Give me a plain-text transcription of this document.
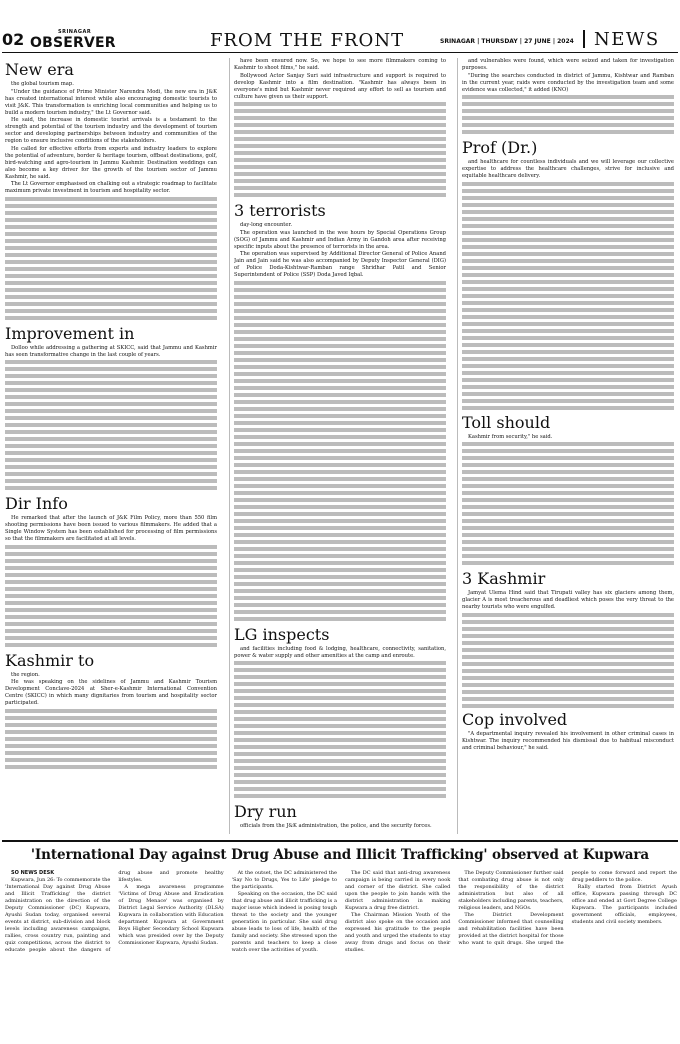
02	SRINAGAR
OBSERVER	FROM THE FRONT	SRINAGAR | THURSDAY | 27 JUNE | 2024 NEWS
New era

the global tourism map.

"Under the guidance of Prime Minister Narendra Modi, the new era in J&K has created international interest while also encouraging domestic tourists to visit J&K. This transformation is enriching local communities and helping us to build a modern tourism industry," the Lt Governor said.

He said, the increase in domestic tourist arrivals is a testament to the strength and potential of the tourism industry and the development of tourism sector and developing partnerships between industry and communities of the region to ensure inclusive conditions of the stakeholders.

He called for effective efforts from experts and industry leaders to explore the potential of adventure, border & heritage tourism, offbeat destinations, golf, bird-watching and agro-tourism in Jammu Kashmir. Destination weddings can also become a key driver for the growth of the tourism sector of Jammu Kashmir, he said.

The Lt Governor emphasised on chalking out a strategic roadmap to facilitate maximum private investment in tourism and hospitality sector.

Improvement in

Dolloo while addressing a gathering at SKICC, said that Jammu and Kashmir has seen transformative change in the last couple of years.

Dir Info

He remarked that after the launch of J&K Film Policy, more than 550 film shooting permissions have been issued to various filmmakers. He added that a Single Window System has been established for processing of film permissions so that the filmmakers are facilitated at all levels.

Kashmir to

the region.

He was speaking on the sidelines of Jammu and Kashmir Tourism Development Conclave-2024 at Sher-e-Kashmir International Convention Centre (SKICC) in which many dignitaries from tourism and hospitality sector participated.

have been ensured now. So, we hope to see more filmmakers coming to Kashmir to shoot films," he said.

Bollywood Actor Sanjay Suri said infrastructure and support is required to develop Kashmir into a film destination. "Kashmir has always been in everyone's mind but Kashmir never required any effort to sell as tourism and culture have given us their support.

3 terrorists

day-long encounter.

The operation was launched in the wee hours by Special Operations Group (SOG) of Jammu and Kashmir and Indian Army in Gandoh area after receiving specific inputs about the presence of terrorists in the area.

The operation was supervised by Additional Director General of Police Anand Jain and Jain said he was also accompanied by Deputy Inspector General (DIG) of Police Doda-Kishtwar-Ramban range Shridhar Patil and Senior Superintendent of Police (SSP) Doda Javed Iqbal.

LG inspects

and facilities including food & lodging, healthcare, connectivity, sanitation, power & water supply and other amenities at the camp and enroute.

Dry run

officials from the J&K administration, the police, and the security forces.

and vulnerables were found, which were seized and taken for investigation purposes.

"During the searches conducted in district of Jammu, Kishtwar and Ramban in the current year, raids were conducted by the investigation team and some evidence was collected," it added (KNO)

Prof (Dr.)

and healthcare for countless individuals and we will leverage our collective expertise to address the healthcare challenges, strive for inclusive and equitable healthcare delivery.

Toll should

Kashmir from security," he said.

3 Kashmir

Jamyat Ulema Hind said that Tirupati valley has six glaciers among them, glacier A is most treacherous and deadliest which poses the very threat to the nearby tourists who were engulfed.

Cop involved

"A departmental inquiry revealed his involvement in other criminal cases in Kishtwar. The inquiry recommended his dismissal due to habitual misconduct and criminal behaviour," he said.

'International Day against Drug Abuse and Illicit Trafficking' observed at Kupwara

SO NEWS DESK

Kupwara, Jun 26: To commemorate the 'International Day against Drug Abuse and Illicit Trafficking' the district administration on the direction of the Deputy Commissioner (DC) Kupwara, Ayushi Sudan today, organised several events at district, sub-division and block levels including awareness campaigns, rallies, cross country run, painting and quiz competitions, across the district to educate people about the dangers of drug abuse and promote healthy lifestyles.

A mega awareness programme 'Victims of Drug Abuse and Eradication of Drug Menace' was organised by District Legal Service Authority (DLSA) Kupwara in collaboration with Education department Kupwara at Government Boys Higher Secondary School Kupwara which was presided over by the Deputy Commissioner Kupwara, Ayushi Sudan.

At the outset, the DC administered the 'Say No to Drugs, Yes to Life' pledge to the participants.

Speaking on the occasion, the DC said that drug abuse and illicit trafficking is a major issue which indeed is posing tough threat to the society and the younger generation in particular. She said drug abuse leads to loss of life, health of the family and society. She stressed upon the parents and teachers to keep a close watch over the activities of youth.

The DC said that anti-drug awareness campaign is being carried in every nook and corner of the district. She called upon the people to join hands with the district administration in making Kupwara a drug free district.

The Chairman Mission Youth of the district also spoke on the occasion and expressed his gratitude to the people and youth and urged the students to stay away from drugs and focus on their studies.

The Deputy Commissioner further said that combating drug abuse is not only the responsibility of the district administration but also of all stakeholders including parents, teachers, religious leaders, and NGOs.

The District Development Commissioner informed that counselling and rehabilitation facilities have been provided at the district hospital for those who want to quit drugs. She urged the people to come forward and report the drug peddlers to the police.

Rally started from District Ayush office, Kupwara passing through DC office and ended at Govt Degree College Kupwara. The participants included government officials, employees, students and civil society members.
